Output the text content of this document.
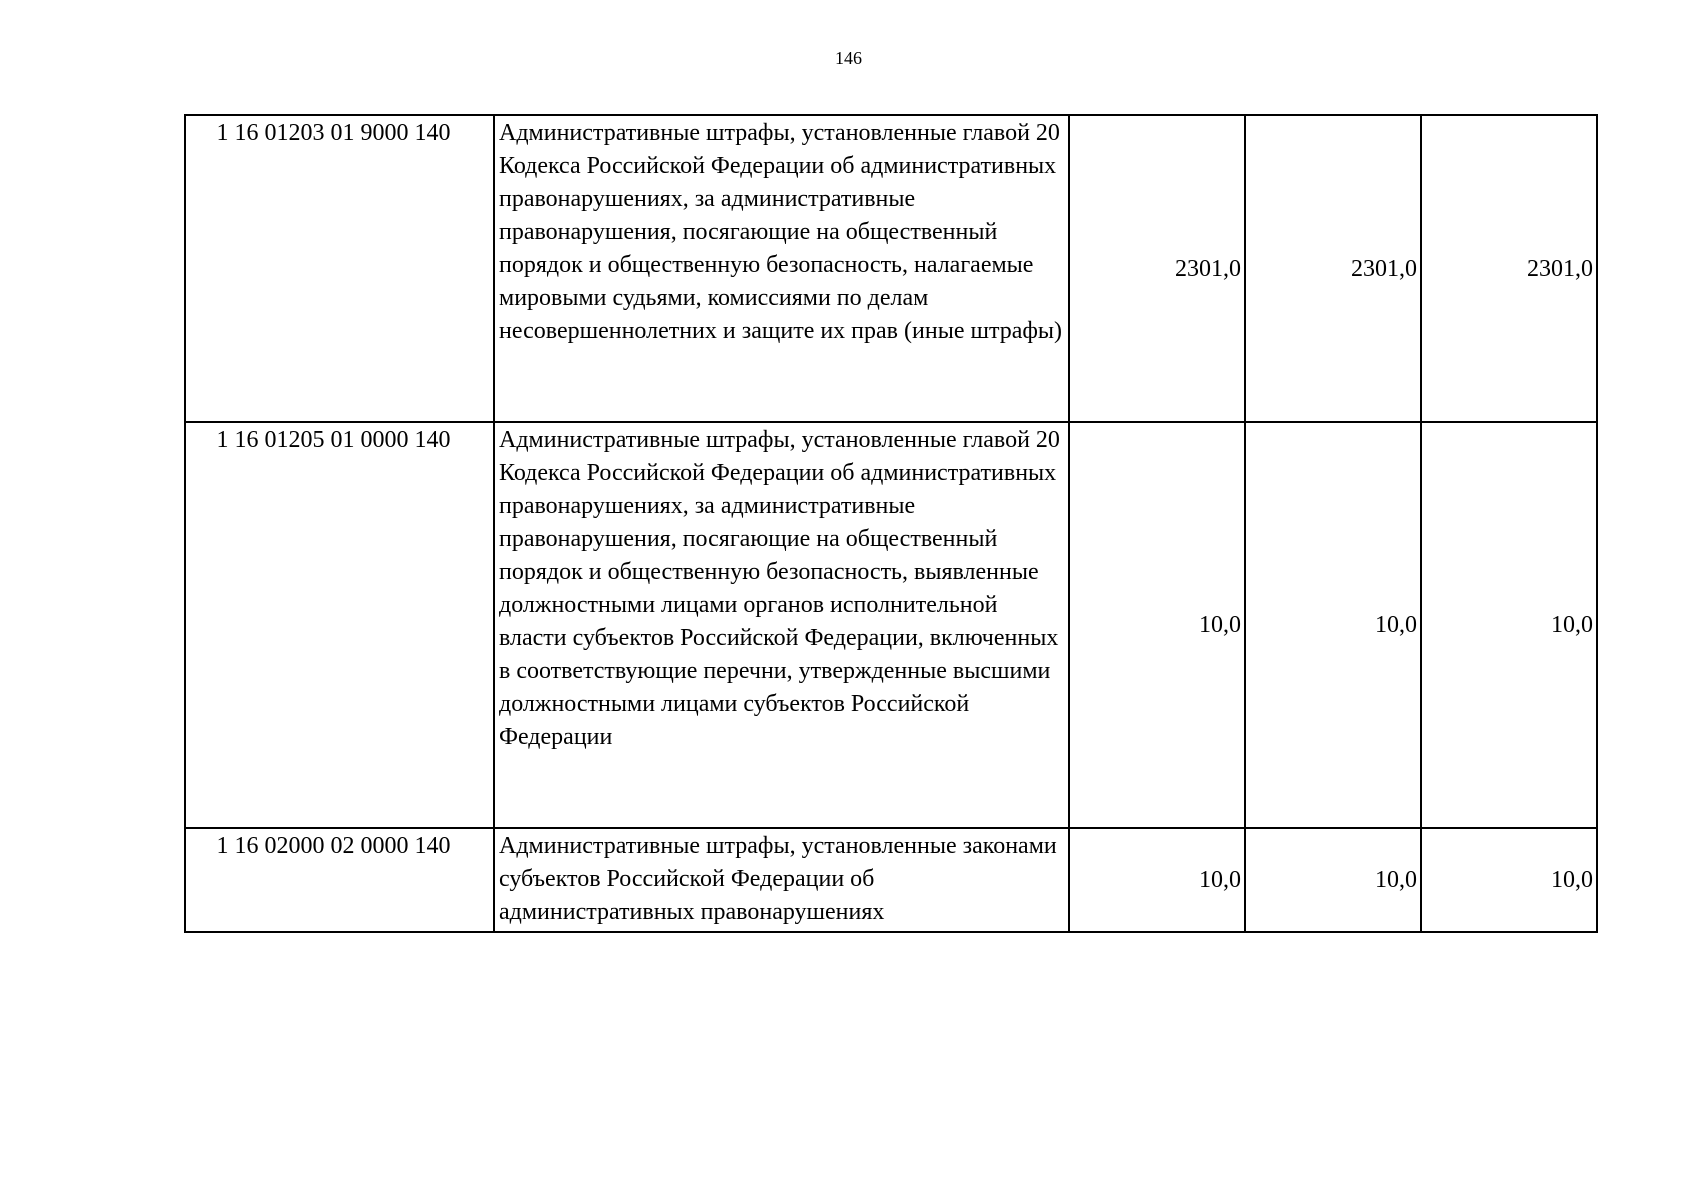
146
1 16 01203 01 9000 140	Административные штрафы, установленные главой 20 Кодекса Российской Федерации об административных правонарушениях, за административные правонарушения, посягающие на общественный порядок и общественную безопасность, налагаемые мировыми судьями, комиссиями по делам несовершеннолетних и защите их прав (иные штрафы)	2301,0	2301,0	2301,0
1 16 01205 01 0000 140	Административные штрафы, установленные главой 20 Кодекса Российской Федерации об административных правонарушениях, за административные правонарушения, посягающие на общественный порядок и общественную безопасность, выявленные должностными лицами органов исполнительной власти субъектов Российской Федерации, включенных в соответствующие перечни, утвержденные высшими должностными лицами субъектов Российской Федерации	10,0	10,0	10,0
1 16 02000 02 0000 140	Административные штрафы, установленные законами субъектов Российской Федерации об административных правонарушениях	10,0	10,0	10,0
